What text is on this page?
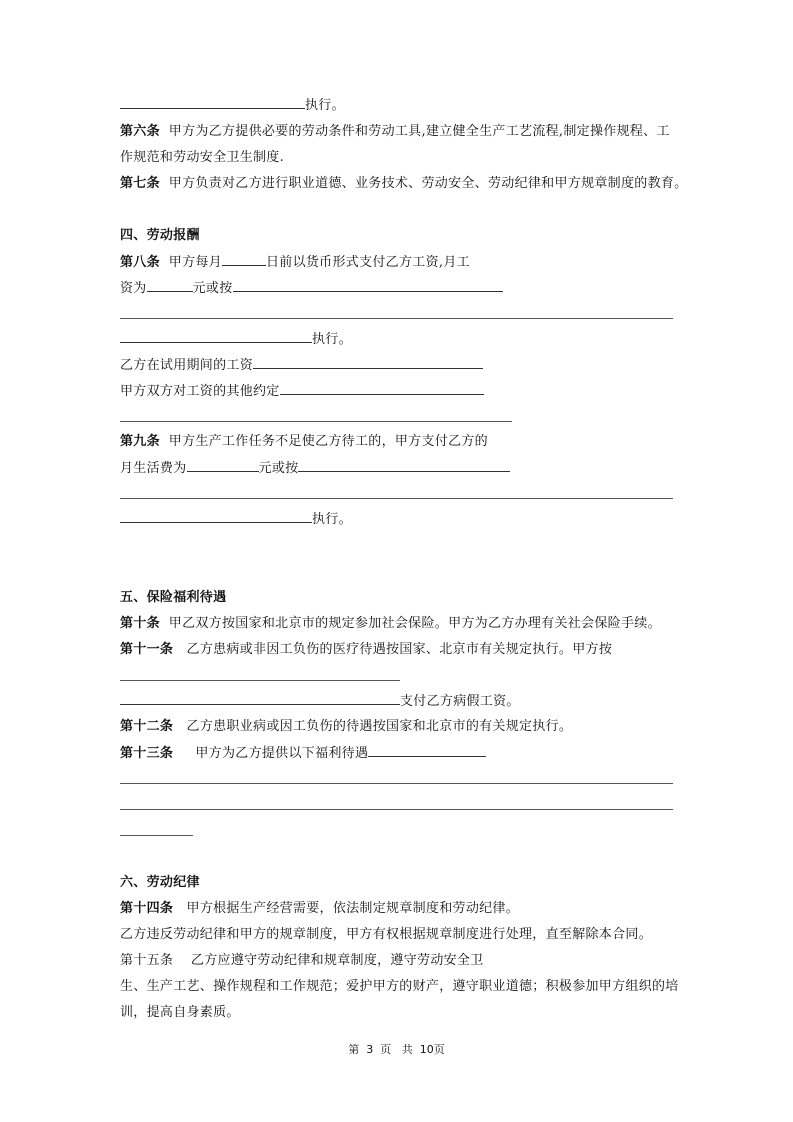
执行。
第六条 甲方为乙方提供必要的劳动条件和劳动工具,建立健全生产工艺流程,制定操作规程、工
作规范和劳动安全卫生制度.
第七条 甲方负责对乙方进行职业道德、业务技术、劳动安全、劳动纪律和甲方规章制度的教育。
四、劳动报酬
第八条 甲方每月	日前以货币形式支付乙方工资,月工
资为	元或按
执行。
乙方在试用期间的工资
甲方双方对工资的其他约定
第九条 甲方生产工作任务不足使乙方待工的，甲方支付乙方的
月生活费为	元或按
执行。
五、保险福利待遇
第十条 甲乙双方按国家和北京市的规定参加社会保险。甲方为乙方办理有关社会保险手续。
第十一条 乙方患病或非因工负伤的医疗待遇按国家、北京市有关规定执行。甲方按
支付乙方病假工资。
第十二条 乙方患职业病或因工负伤的待遇按国家和北京市的有关规定执行。
第十三条 甲方为乙方提供以下福利待遇
六、劳动纪律
第十四条 甲方根据生产经营需要，依法制定规章制度和劳动纪律。
乙方违反劳动纪律和甲方的规章制度，甲方有权根据规章制度进行处理，直至解除本合同。
第十五条　 乙方应遵守劳动纪律和规章制度，遵守劳动安全卫
生、生产工艺、操作规程和工作规范；爱护甲方的财产，遵守职业道德；积极参加甲方组织的培
训，提高自身素质。
第 3 页 共 10页
